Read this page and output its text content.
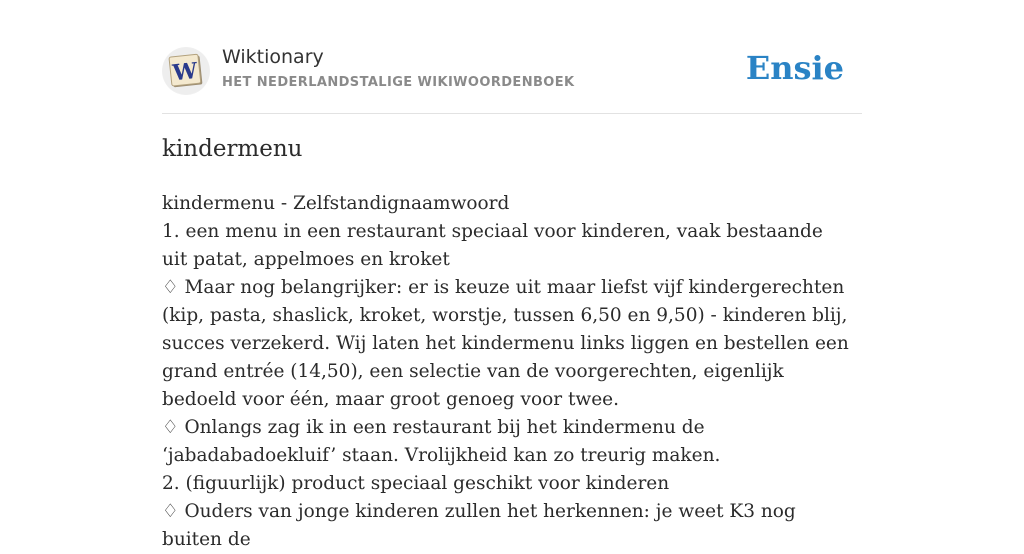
W
Wiktionary
HET NEDERLANDSTALIGE WIKIWOORDENBOEK	Ensie
kindermenu

kindermenu - Zelfstandignaamwoord

1. een menu in een restaurant speciaal voor kinderen, vaak bestaande uit patat, appelmoes en kroket

♢ Maar nog belangrijker: er is keuze uit maar liefst vijf kindergerechten (kip, pasta, shaslick, kroket, worstje, tussen 6,50 en 9,50) - kinderen blij, succes verzekerd. Wij laten het kindermenu links liggen en bestellen een grand entrée (14,50), een selectie van de voorgerechten, eigenlijk bedoeld voor één, maar groot genoeg voor twee.

♢ Onlangs zag ik in een restaurant bij het kindermenu de ‘jabadabadoekluif’ staan. Vrolijkheid kan zo treurig maken.

2. (figuurlijk) product speciaal geschikt voor kinderen

♢ Ouders van jonge kinderen zullen het herkennen: je weet K3 nog buiten de
